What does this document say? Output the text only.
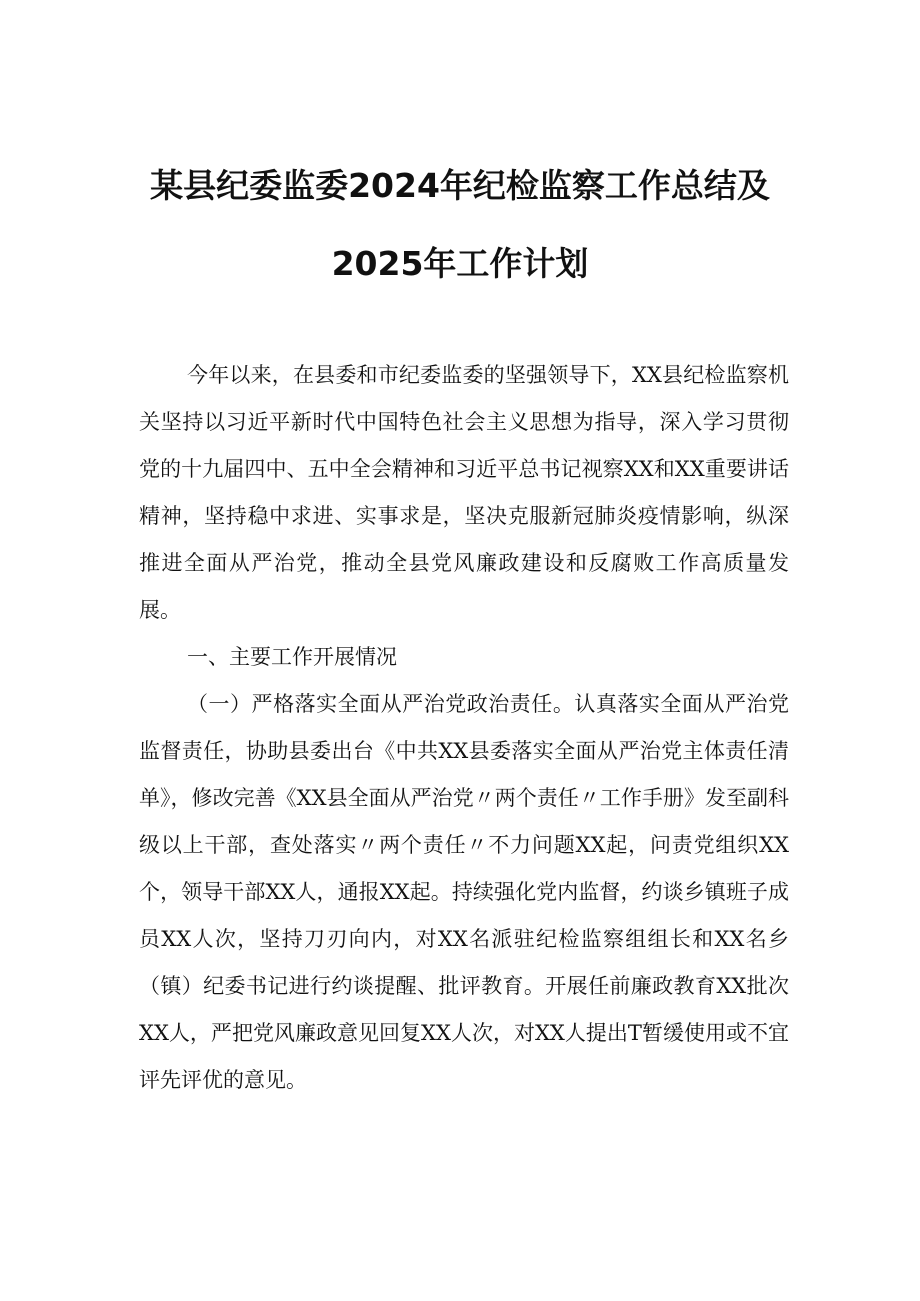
某县纪委监委2024年纪检监察工作总结及
2025年工作计划

今年以来，在县委和市纪委监委的坚强领导下，XX县纪检监察机关坚持以习近平新时代中国特色社会主义思想为指导，深入学习贯彻党的十九届四中、五中全会精神和习近平总书记视察XX和XX重要讲话精神，坚持稳中求进、实事求是，坚决克服新冠肺炎疫情影响，纵深推进全面从严治党，推动全县党风廉政建设和反腐败工作高质量发展。

一、主要工作开展情况

（一）严格落实全面从严治党政治责任。认真落实全面从严治党监督责任，协助县委出台《中共XX县委落实全面从严治党主体责任清单》，修改完善《XX县全面从严治党〃两个责任〃工作手册》发至副科级以上干部，查处落实〃两个责任〃不力问题XX起，问责党组织XX个，领导干部XX人，通报XX起。持续强化党内监督，约谈乡镇班子成员XX人次，坚持刀刃向内，对XX名派驻纪检监察组组长和XX名乡（镇）纪委书记进行约谈提醒、批评教育。开展任前廉政教育XX批次XX人，严把党风廉政意见回复XX人次，对XX人提出T暂缓使用或不宜评先评优的意见。
